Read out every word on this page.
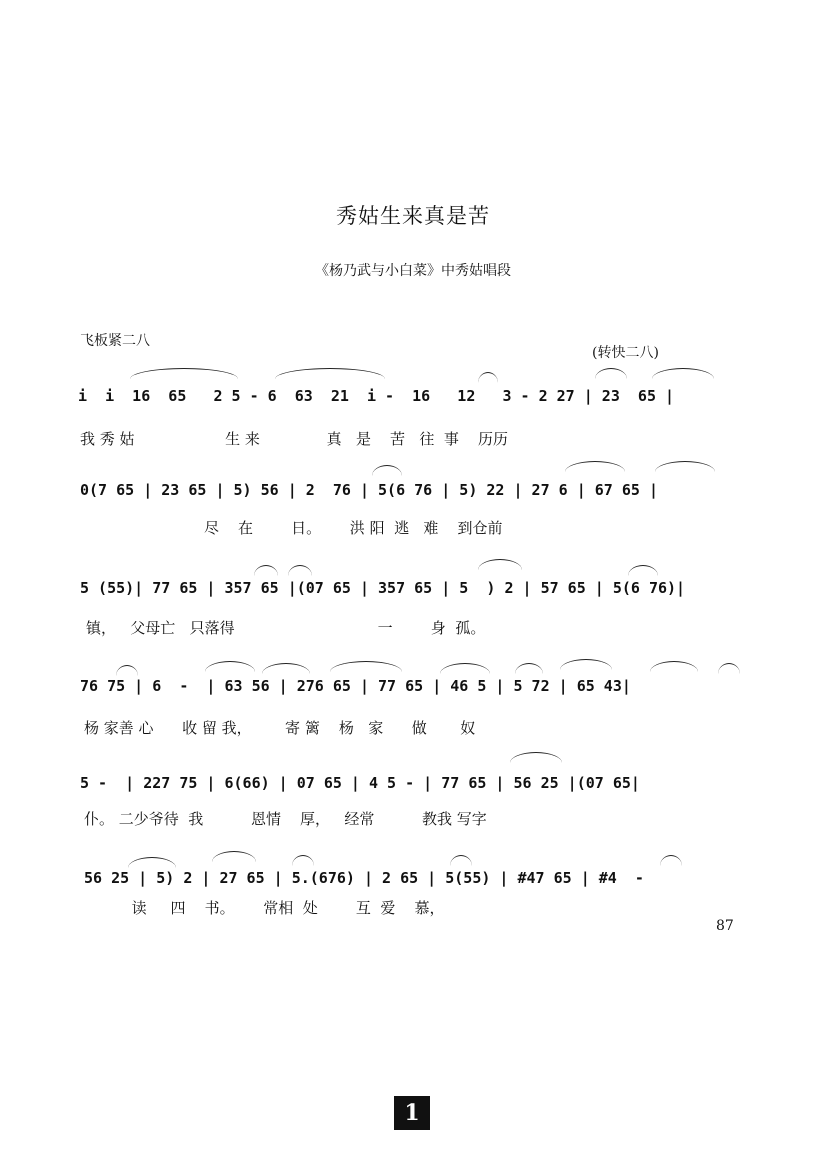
秀姑生来真是苦
《杨乃武与小白菜》中秀姑唱段
飞板紧二八
(转快二八)
i  i  16  65   2 5 - 6  63  21  i -  16   12   3 - 2 27 | 23  65 |
我 秀 姑                   生 来              真   是    苦   往  事    历历
0(7 65 | 23 65 | 5) 56 | 2  76 | 5(6 76 | 5) 22 | 27 6 | 67 65 |
尽    在        日。      洪 阳  逃   难    到仓前
5 (55)| 77 65 | 357 65 |(07 65 | 357 65 | 5  ) 2 | 57 65 | 5(6 76)|
镇，   父母亡   只落得                              一        身  孤。
76 75 | 6  -  | 63 56 | 276 65 | 77 65 | 46 5 | 5 72 | 65 43|
杨 家善 心      收 留 我，       寄 篱    杨   家      做       奴
5 -  | 227 75 | 6(66) | 07 65 | 4 5 - | 77 65 | 56 25 |(07 65|
仆。 二少爷待  我          恩情    厚，   经常          教我 写字
56 25 | 5) 2 | 27 65 | 5.(676) | 2 65 | 5(55) | #47 65 | #4  -
读     四    书。      常相  处        互  爱    慕，
87
1
